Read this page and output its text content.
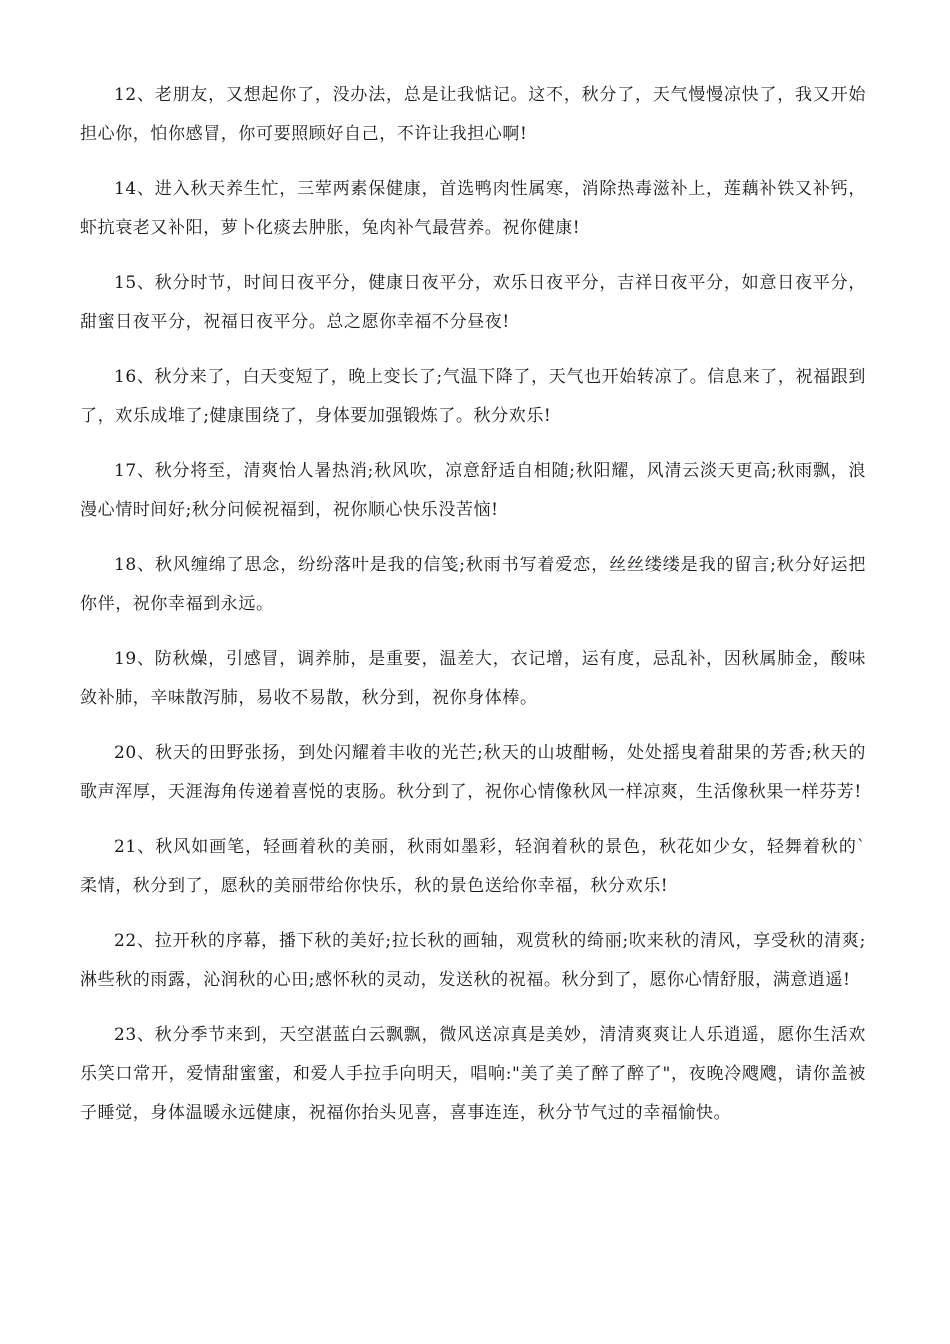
12、老朋友，又想起你了，没办法，总是让我惦记。这不，秋分了，天气慢慢凉快了，我又开始担心你，怕你感冒，你可要照顾好自己，不许让我担心啊!

14、进入秋天养生忙，三荤两素保健康，首选鸭肉性属寒，消除热毒滋补上，莲藕补铁又补钙，虾抗衰老又补阳，萝卜化痰去肿胀，兔肉补气最营养。祝你健康!

15、秋分时节，时间日夜平分，健康日夜平分，欢乐日夜平分，吉祥日夜平分，如意日夜平分，甜蜜日夜平分，祝福日夜平分。总之愿你幸福不分昼夜!

16、秋分来了，白天变短了，晚上变长了;气温下降了，天气也开始转凉了。信息来了，祝福跟到了，欢乐成堆了;健康围绕了，身体要加强锻炼了。秋分欢乐!

17、秋分将至，清爽怡人暑热消;秋风吹，凉意舒适自相随;秋阳耀，风清云淡天更高;秋雨飘，浪漫心情时间好;秋分问候祝福到，祝你顺心快乐没苦恼!

18、秋风缠绵了思念，纷纷落叶是我的信笺;秋雨书写着爱恋，丝丝缕缕是我的留言;秋分好运把你伴，祝你幸福到永远。

19、防秋燥，引感冒，调养肺，是重要，温差大，衣记增，运有度，忌乱补，因秋属肺金，酸味敛补肺，辛味散泻肺，易收不易散，秋分到，祝你身体棒。

20、秋天的田野张扬，到处闪耀着丰收的光芒;秋天的山坡酣畅，处处摇曳着甜果的芳香;秋天的歌声浑厚，天涯海角传递着喜悦的衷肠。秋分到了，祝你心情像秋风一样凉爽，生活像秋果一样芬芳!

21、秋风如画笔，轻画着秋的美丽，秋雨如墨彩，轻润着秋的景色，秋花如少女，轻舞着秋的`柔情，秋分到了，愿秋的美丽带给你快乐，秋的景色送给你幸福，秋分欢乐!

22、拉开秋的序幕，播下秋的美好;拉长秋的画轴，观赏秋的绮丽;吹来秋的清风，享受秋的清爽;淋些秋的雨露，沁润秋的心田;感怀秋的灵动，发送秋的祝福。秋分到了，愿你心情舒服，满意逍遥!

23、秋分季节来到，天空湛蓝白云飘飘，微风送凉真是美妙，清清爽爽让人乐逍遥，愿你生活欢乐笑口常开，爱情甜蜜蜜，和爱人手拉手向明天，唱响:"美了美了醉了醉了"，夜晚冷飕飕，请你盖被子睡觉，身体温暖永远健康，祝福你抬头见喜，喜事连连，秋分节气过的幸福愉快。
